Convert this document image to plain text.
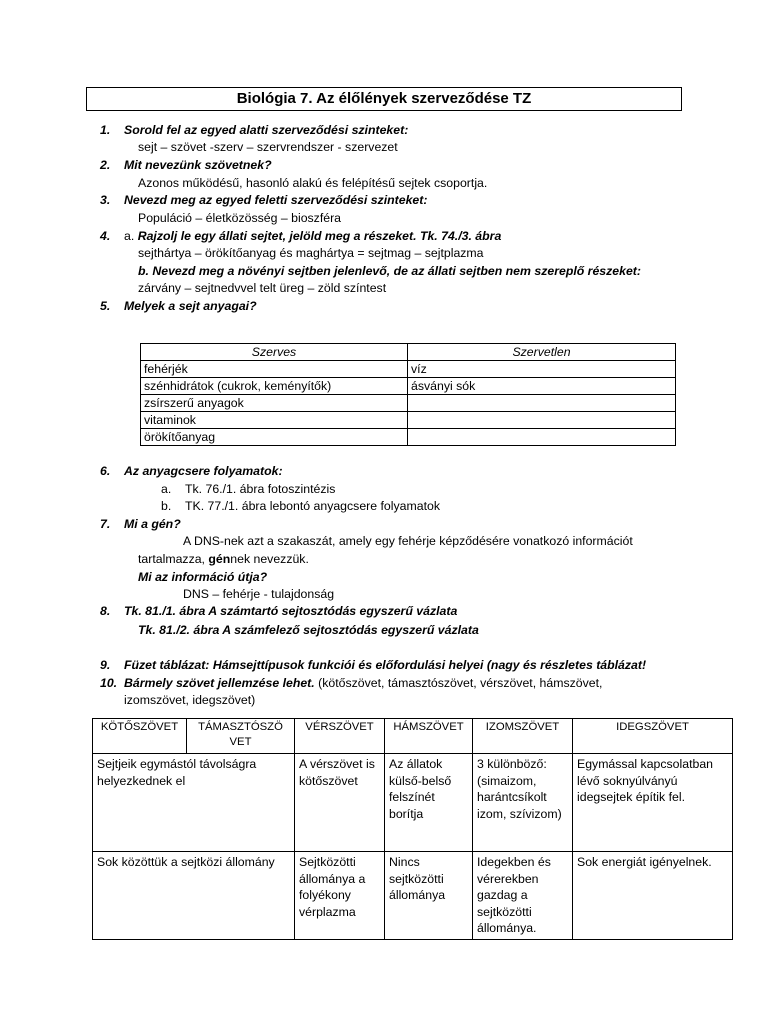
Biológia 7. Az élőlények szerveződése TZ
1. Sorold fel az egyed alatti szerveződési szinteket:
sejt – szövet -szerv – szervrendszer - szervezet
2. Mit nevezünk szövetnek?
Azonos működésű, hasonló alakú és felépítésű sejtek csoportja.
3. Nevezd meg az egyed feletti szerveződési szinteket:
Populáció – életközösség – bioszféra
4. a. Rajzolj le egy állati sejtet, jelöld meg a részeket. Tk. 74./3. ábra
sejthártya – örökítőanyag és maghártya = sejtmag – sejtplazma
b. Nevezd meg a növényi sejtben jelenlevő, de az állati sejtben nem szereplő részeket:
zárvány – sejtnedvvel telt üreg – zöld színtest
5. Melyek a sejt anyagai?
Szerves	Szervetlen
fehérjék	víz
szénhidrátok (cukrok, keményítők)	ásványi sók
zsírszerű anyagok	
vitaminok	
örökítőanyag	
6. Az anyagcsere folyamatok:
a. Tk. 76./1. ábra fotoszintézis
b. TK. 77./1. ábra lebontó anyagcsere folyamatok
7. Mi a gén?
A DNS-nek azt a szakaszát, amely egy fehérje képződésére vonatkozó információt
tartalmazza, génnek nevezzük.
Mi az információ útja?
DNS – fehérje - tulajdonság
8. Tk. 81./1. ábra A számtartó sejtosztódás egyszerű vázlata
Tk. 81./2. ábra A számfelező sejtosztódás egyszerű vázlata
9. Füzet táblázat: Hámsejttípusok funkciói és előfordulási helyei (nagy és részletes táblázat!
10. Bármely szövet jellemzése lehet. (kötőszövet, támasztószövet, vérszövet, hámszövet,
izomszövet, idegszövet)
KÖTŐSZÖVET	TÁMASZTÓSZÖ VET	VÉRSZÖVET	HÁMSZÖVET	IZOMSZÖVET	IDEGSZÖVET
Sejtjeik egymástól távolságra helyezkednek el		A vérszövet is kötőszövet	Az állatok külső-belső felszínét borítja	3 különböző: (simaizom, harántcsíkolt izom, szívizom)	Egymással kapcsolatban lévő soknyúlványú idegsejtek építik fel.
Sok közöttük a sejtközi állomány		Sejtközötti állománya a folyékony vérplazma	Nincs sejtközötti állománya	Idegekben és vérerekben gazdag a sejtközötti állománya.	Sok energiát igényelnek.
